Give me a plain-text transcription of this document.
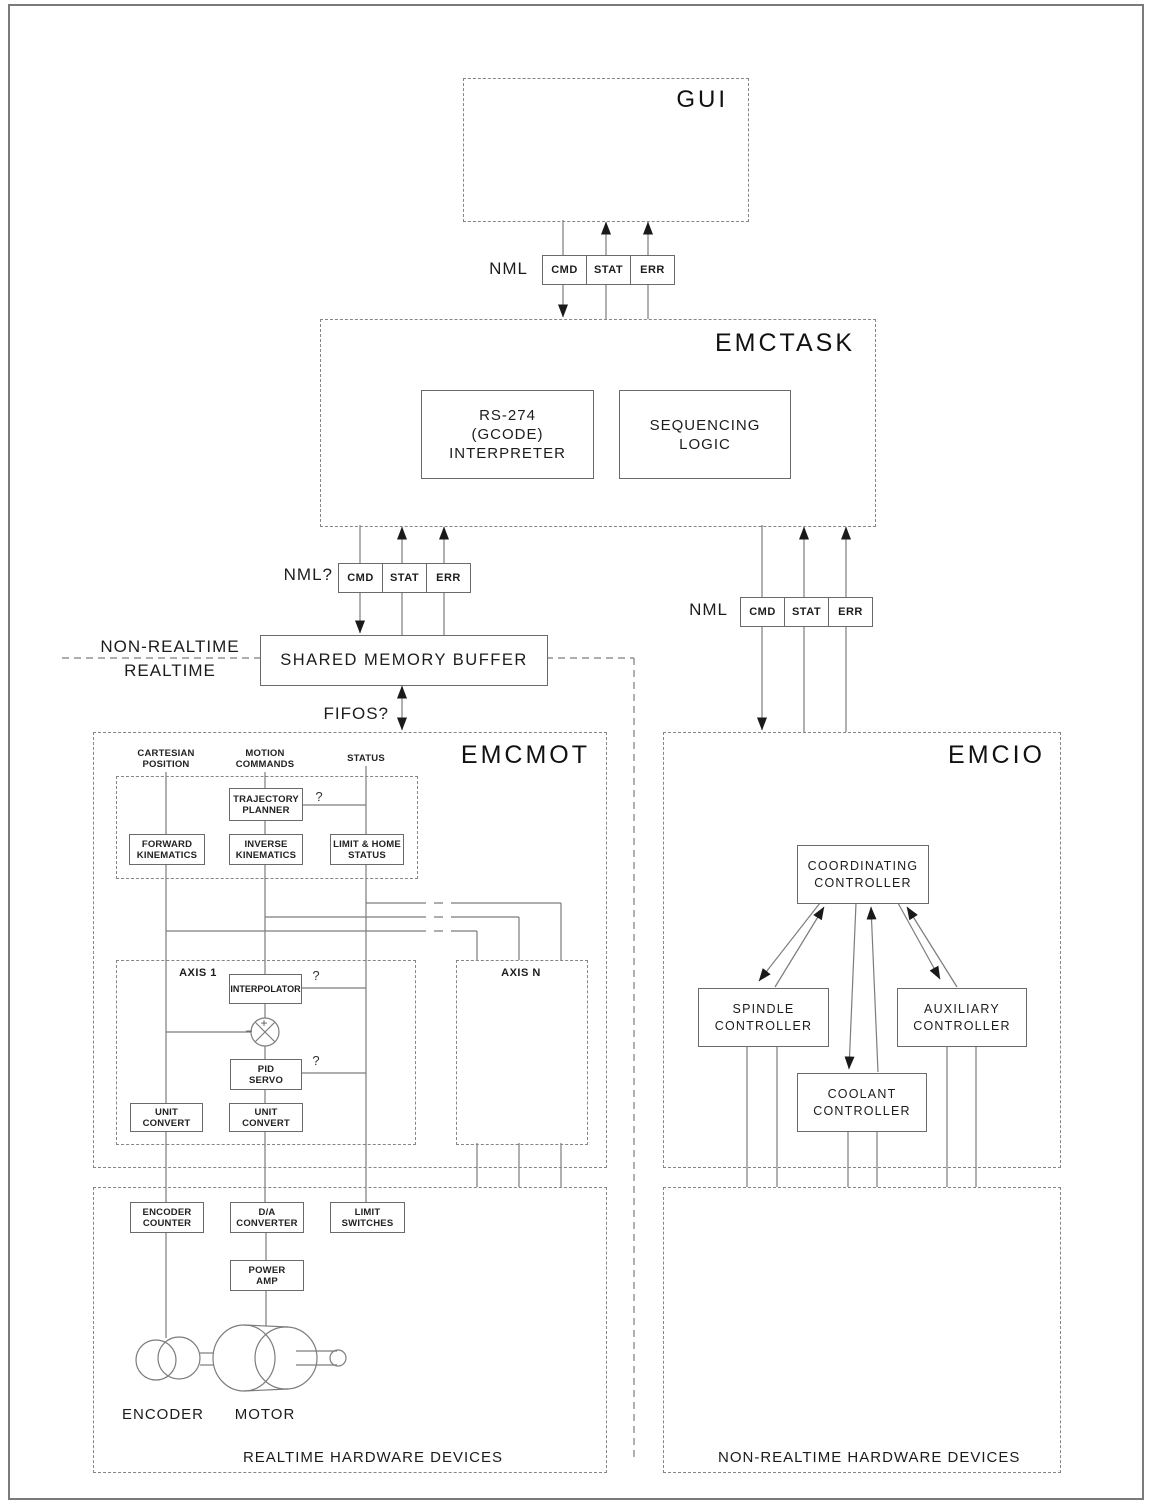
GUI
EMCTASK
EMCMOT	EMCIO
NML	CMD	STAT	ERR
RS-274
(GCODE)
INTERPRETER
SEQUENCING
LOGIC
NML?	CMD	STAT	ERR
NML	CMD	STAT	ERR
SHARED MEMORY BUFFER
NON-REALTIME
REALTIME
FIFOS?
CARTESIAN
POSITION
MOTION
COMMANDS
STATUS
TRAJECTORY
PLANNER
FORWARD
KINEMATICS
INVERSE
KINEMATICS
LIMIT & HOME
STATUS
?
AXIS 1	AXIS N
INTERPOLATOR
?
+
−
PID
SERVO
?
UNIT
CONVERT
UNIT
CONVERT
ENCODER
COUNTER
D/A
CONVERTER
LIMIT
SWITCHES
POWER
AMP
ENCODER	MOTOR
REALTIME HARDWARE DEVICES
COORDINATING
CONTROLLER
SPINDLE
CONTROLLER
AUXILIARY
CONTROLLER
COOLANT
CONTROLLER
NON-REALTIME HARDWARE DEVICES
